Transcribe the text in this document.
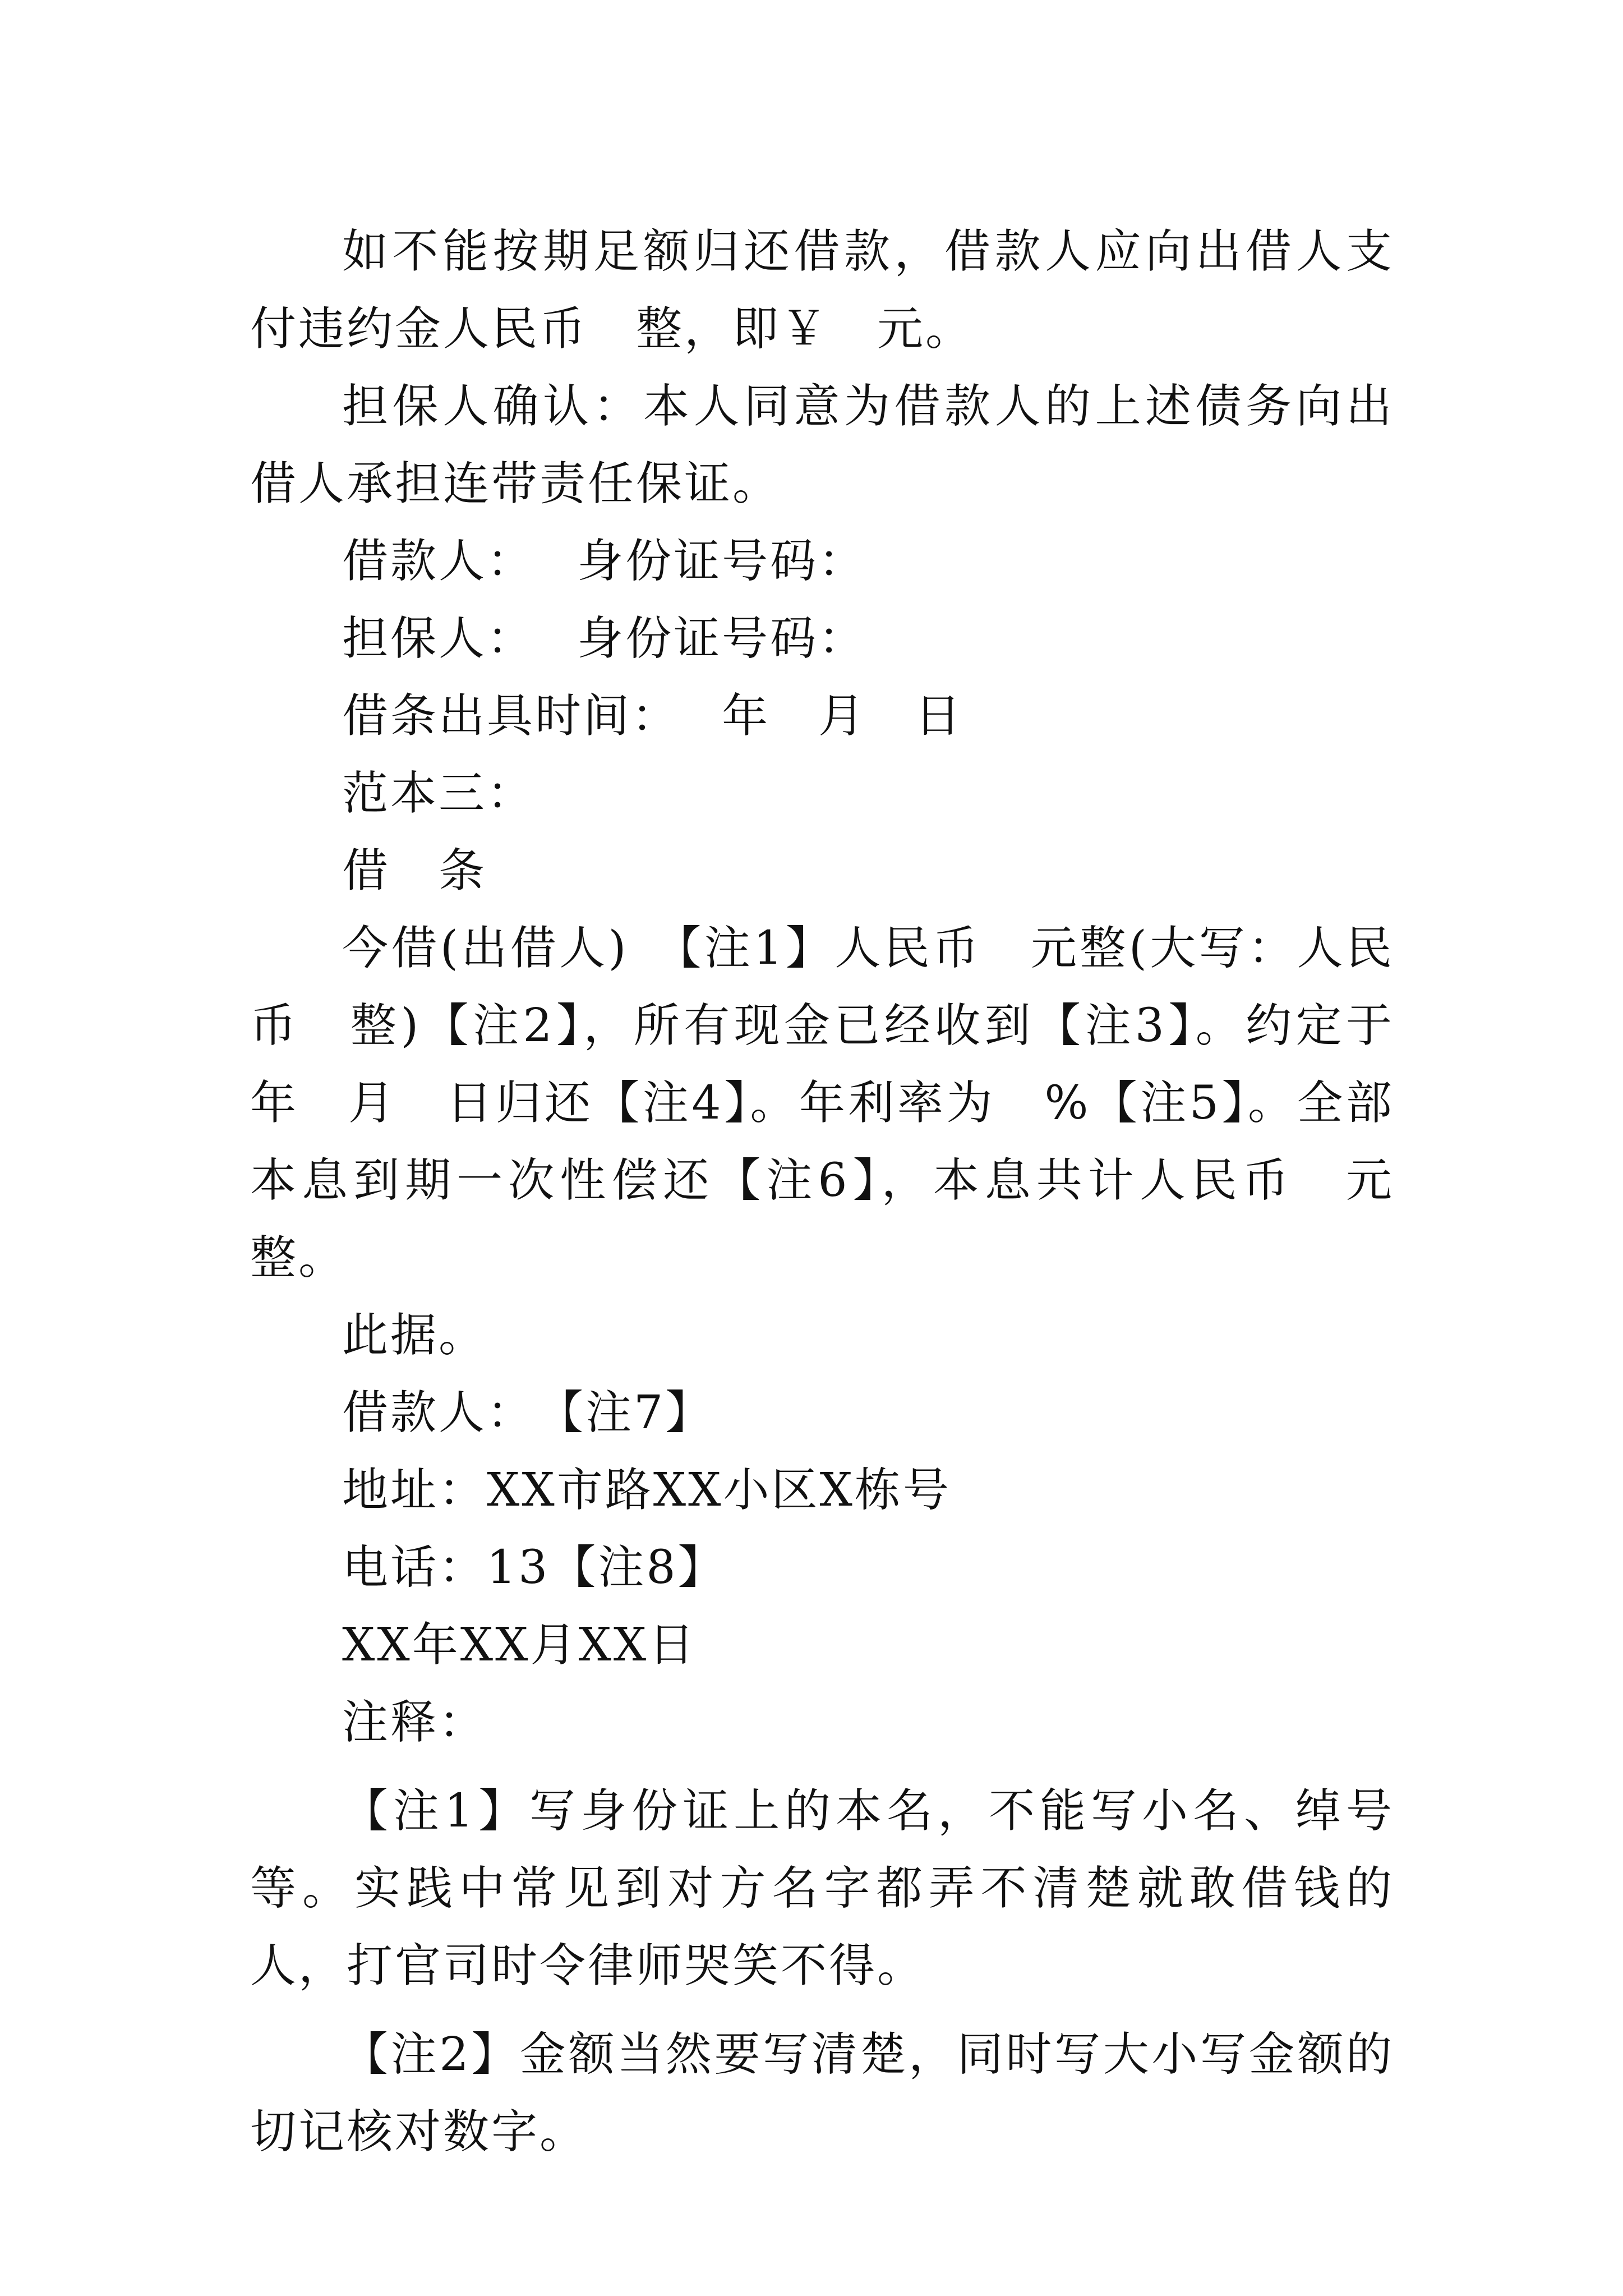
如不能按期足额归还借款，借款人应向出借人支付违约金人民币　整，即￥　元。

担保人确认：本人同意为借款人的上述债务向出借人承担连带责任保证。

借款人：　 身份证号码：

担保人：　 身份证号码：

借条出具时间：　 年　月　日

范本三：

借　条

今借(出借人)　【注1】人民币　元整(大写：人民币　整)【注2】，所有现金已经收到【注3】。约定于　年　月　日归还【注4】。年利率为　%【注5】。全部本息到期一次性偿还【注6】，本息共计人民币　元整。

此据。

借款人：　【注7】

地址：XX市路XX小区X栋号

电话：13【注8】

XX年XX月XX日

注释：

【注1】写身份证上的本名，不能写小名、绰号等。实践中常见到对方名字都弄不清楚就敢借钱的人，打官司时令律师哭笑不得。

【注2】金额当然要写清楚，同时写大小写金额的切记核对数字。
